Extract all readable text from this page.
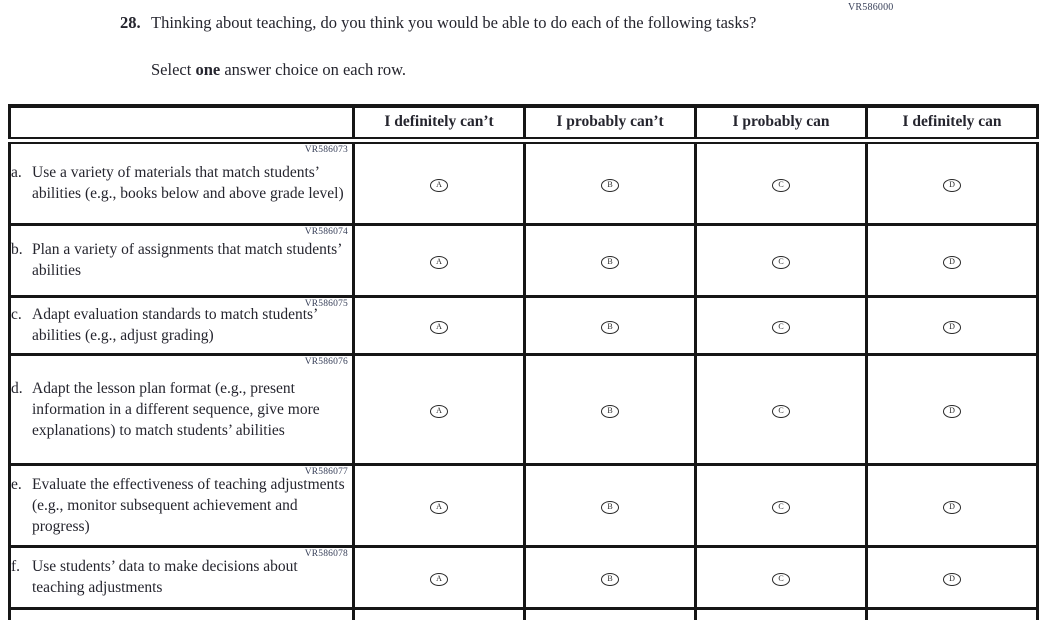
VR586000
28. Thinking about teaching, do you think you would be able to do each of the following tasks?
Select one answer choice on each row.
	I definitely can’t	I probably can’t	I probably can	I definitely can

VR586073
a. Use a variety of materials that match students’ abilities (e.g., books below and above grade level)	A	B	C	D

VR586074
b. Plan a variety of assignments that match students’ abilities	A	B	C	D

VR586075
c. Adapt evaluation standards to match students’ abilities (e.g., adjust grading)	A	B	C	D

VR586076
d. Adapt the lesson plan format (e.g., present information in a different sequence, give more explanations) to match students’ abilities	A	B	C	D

VR586077
e. Evaluate the effectiveness of teaching adjustments (e.g., monitor subsequent achievement and progress)	A	B	C	D

VR586078
f. Use students’ data to make decisions about teaching adjustments	A	B	C	D
